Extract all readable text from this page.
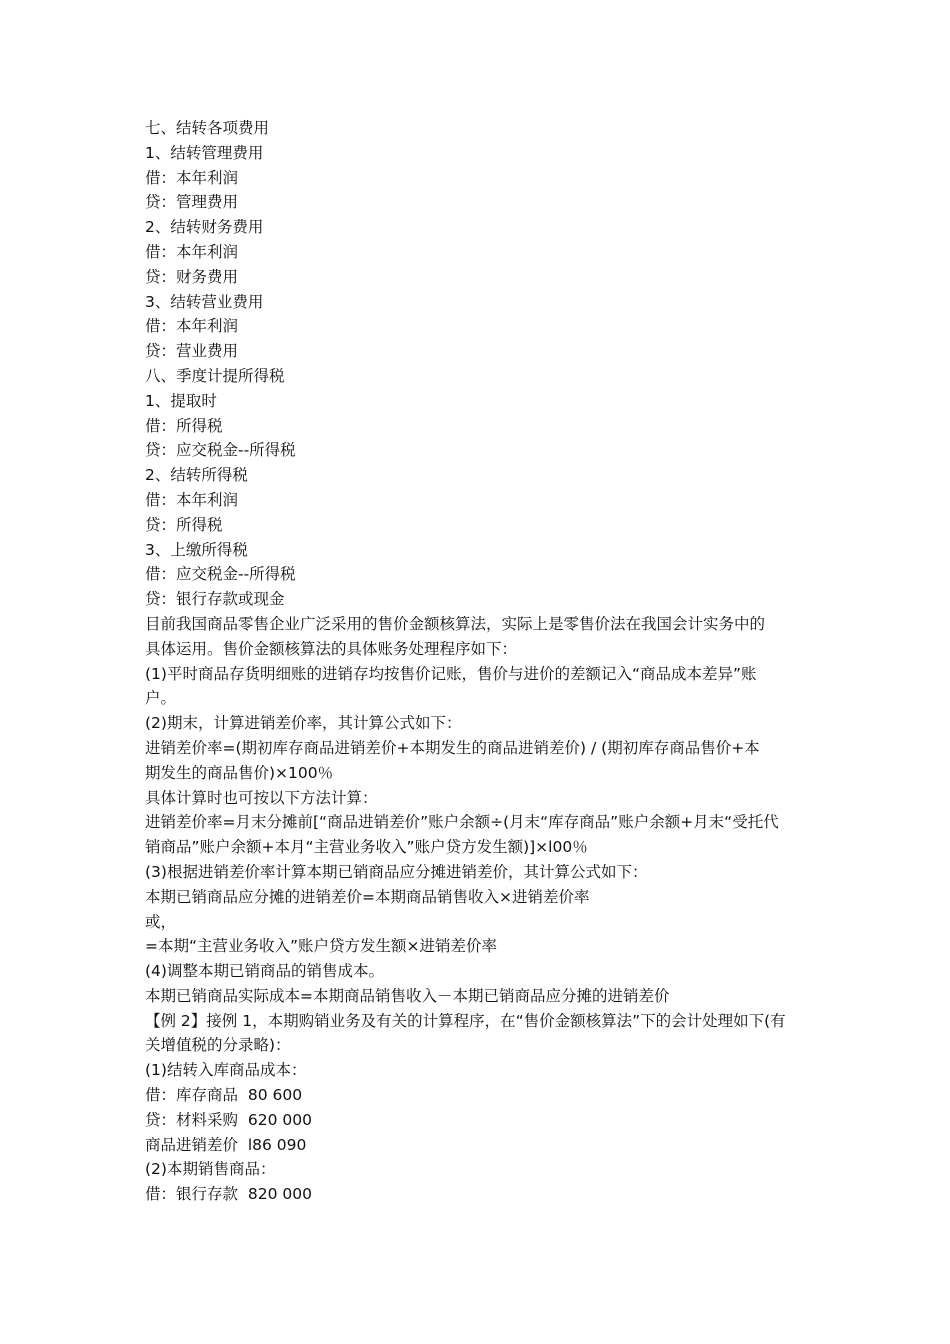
七、结转各项费用

1、结转管理费用

借：本年利润

贷：管理费用

2、结转财务费用

借：本年利润

贷：财务费用

3、结转营业费用

借：本年利润

贷：营业费用

八、季度计提所得税

1、提取时

借：所得税

贷：应交税金--所得税

2、结转所得税

借：本年利润

贷：所得税

3、上缴所得税

借：应交税金--所得税

贷：银行存款或现金

目前我国商品零售企业广泛采用的售价金额核算法，实际上是零售价法在我国会计实务中的

具体运用。售价金额核算法的具体账务处理程序如下：

(1)平时商品存货明细账的进销存均按售价记账，售价与进价的差额记入“商品成本差异”账

户。

(2)期末，计算进销差价率，其计算公式如下：

进销差价率=(期初库存商品进销差价+本期发生的商品进销差价) / (期初库存商品售价+本

期发生的商品售价)×100％

具体计算时也可按以下方法计算：

进销差价率=月末分摊前[“商品进销差价”账户余额÷(月末“库存商品”账户余额+月末“受托代

销商品”账户余额+本月“主营业务收入”账户贷方发生额)]×l00％

(3)根据进销差价率计算本期已销商品应分摊进销差价，其计算公式如下：

本期已销商品应分摊的进销差价=本期商品销售收入×进销差价率

或，

=本期“主营业务收入”账户贷方发生额×进销差价率

(4)调整本期已销商品的销售成本。

本期已销商品实际成本=本期商品销售收入－本期已销商品应分摊的进销差价

【例 2】接例 1，本期购销业务及有关的计算程序，在“售价金额核算法”下的会计处理如下(有

关增值税的分录略)：

(1)结转入库商品成本：

借：库存商品  80 600

贷：材料采购  620 000

商品进销差价  l86 090

(2)本期销售商品：

借：银行存款  820 000
